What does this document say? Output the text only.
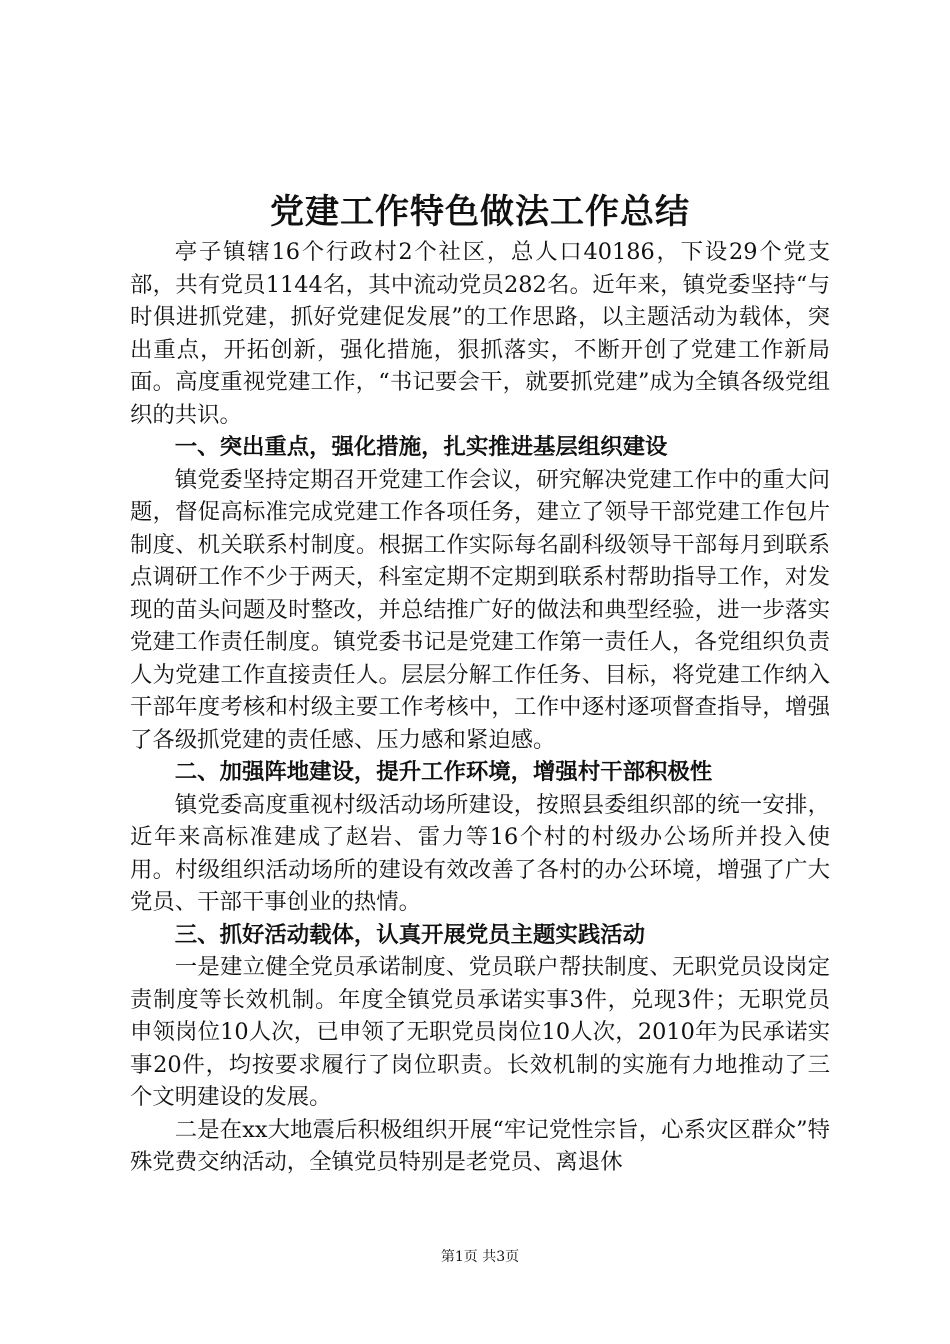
党建工作特色做法工作总结

亭子镇辖16个行政村2个社区，总人口40186，下设29个党支部，共有党员1144名，其中流动党员282名。近年来，镇党委坚持“与时俱进抓党建，抓好党建促发展”的工作思路，以主题活动为载体，突出重点，开拓创新，强化措施，狠抓落实，不断开创了党建工作新局面。高度重视党建工作，“书记要会干，就要抓党建”成为全镇各级党组织的共识。

一、突出重点，强化措施，扎实推进基层组织建设

镇党委坚持定期召开党建工作会议，研究解决党建工作中的重大问题，督促高标准完成党建工作各项任务，建立了领导干部党建工作包片制度、机关联系村制度。根据工作实际每名副科级领导干部每月到联系点调研工作不少于两天，科室定期不定期到联系村帮助指导工作，对发现的苗头问题及时整改，并总结推广好的做法和典型经验，进一步落实党建工作责任制度。镇党委书记是党建工作第一责任人，各党组织负责人为党建工作直接责任人。层层分解工作任务、目标，将党建工作纳入干部年度考核和村级主要工作考核中，工作中逐村逐项督查指导，增强了各级抓党建的责任感、压力感和紧迫感。

二、加强阵地建设，提升工作环境，增强村干部积极性

镇党委高度重视村级活动场所建设，按照县委组织部的统一安排，近年来高标准建成了赵岩、雷力等16个村的村级办公场所并投入使用。村级组织活动场所的建设有效改善了各村的办公环境，增强了广大党员、干部干事创业的热情。

三、抓好活动载体，认真开展党员主题实践活动

一是建立健全党员承诺制度、党员联户帮扶制度、无职党员设岗定责制度等长效机制。年度全镇党员承诺实事3件，兑现3件；无职党员申领岗位10人次，已申领了无职党员岗位10人次，2010年为民承诺实事20件，均按要求履行了岗位职责。长效机制的实施有力地推动了三个文明建设的发展。

二是在xx大地震后积极组织开展“牢记党性宗旨，心系灾区群众”特殊党费交纳活动，全镇党员特别是老党员、离退休

第1页 共3页
